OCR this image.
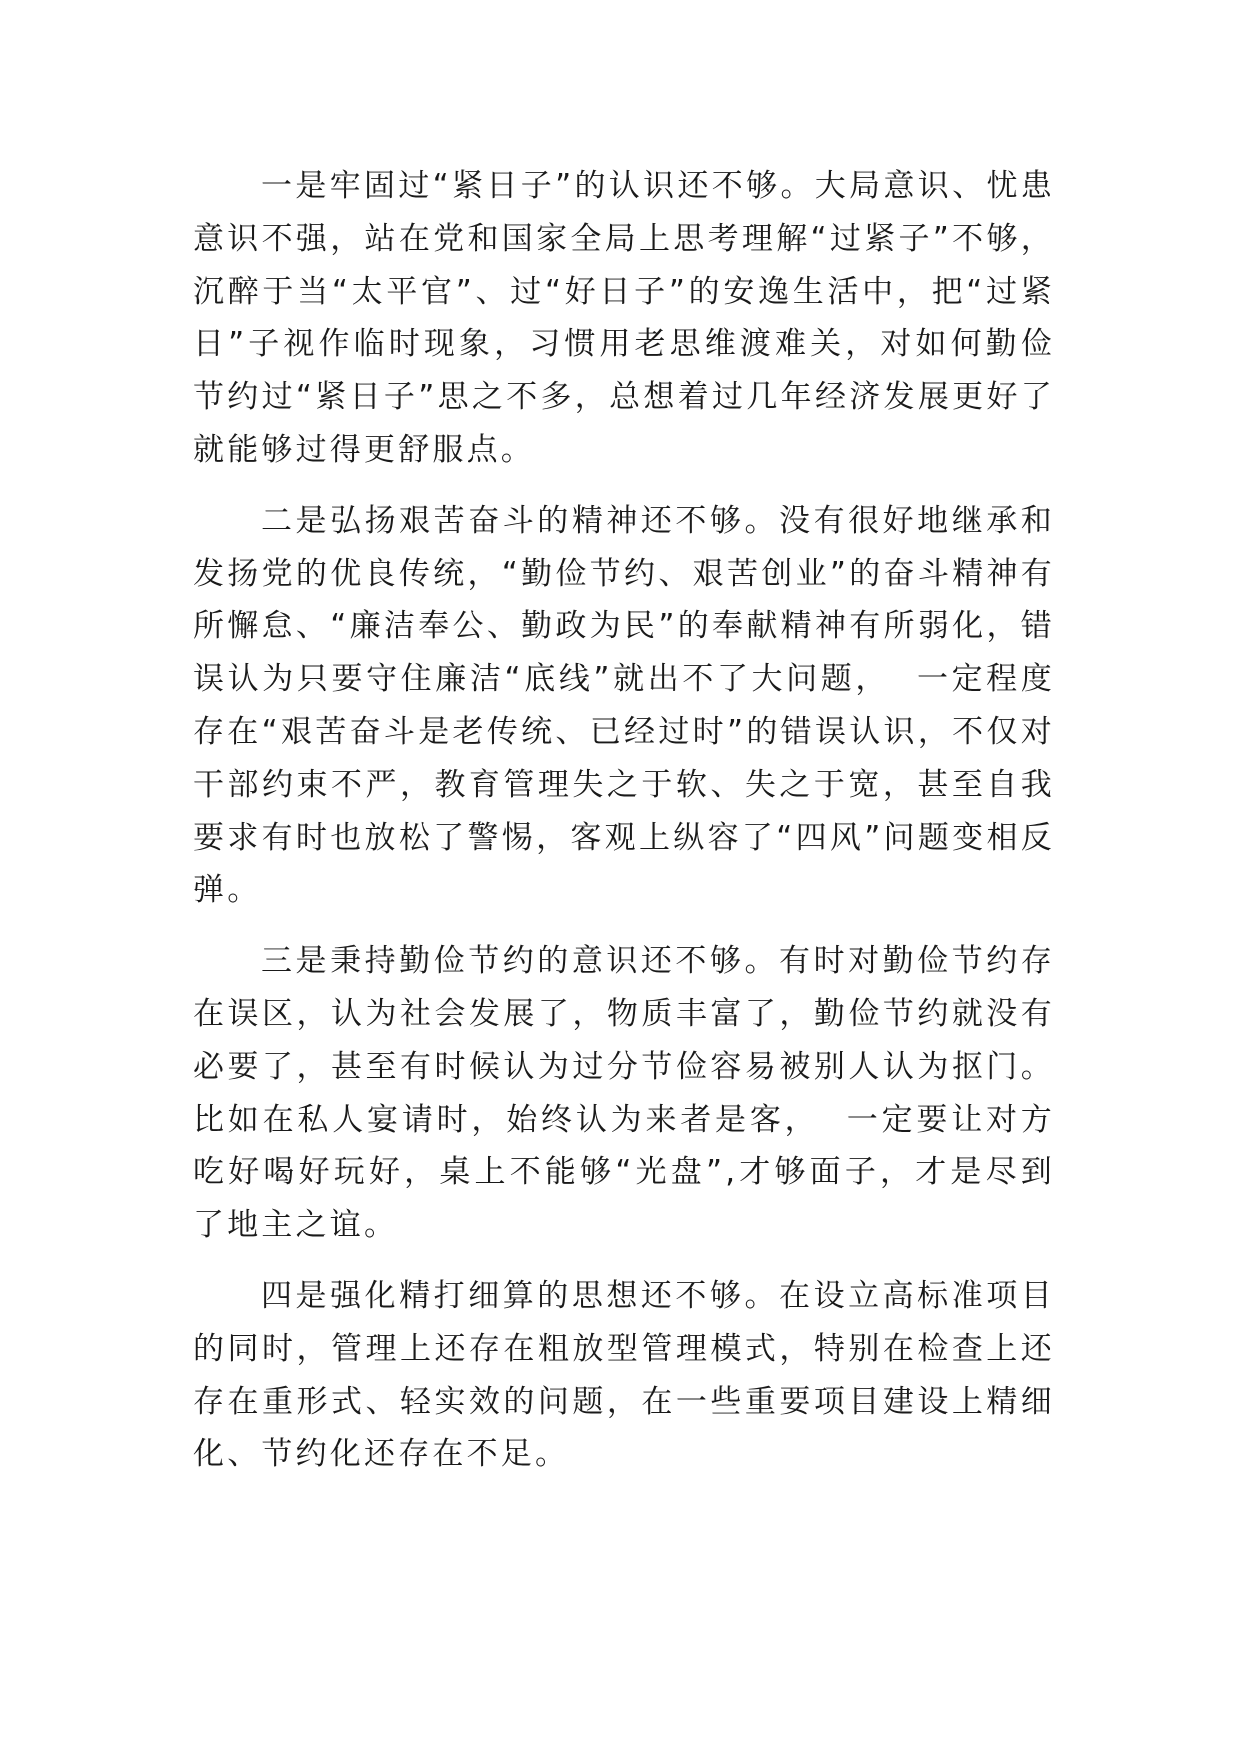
一是牢固过“紧日子”的认识还不够。大局意识、忧患意识不强，站在党和国家全局上思考理解“过紧子”不够，沉醉于当“太平官”、过“好日子”的安逸生活中，把“过紧日”子视作临时现象，习惯用老思维渡难关，对如何勤俭节约过“紧日子”思之不多，总想着过几年经济发展更好了就能够过得更舒服点。

二是弘扬艰苦奋斗的精神还不够。没有很好地继承和发扬党的优良传统，“勤俭节约、艰苦创业”的奋斗精神有所懈怠、“廉洁奉公、勤政为民”的奉献精神有所弱化，错误认为只要守住廉洁“底线”就出不了大问题，  一定程度存在“艰苦奋斗是老传统、已经过时”的错误认识，不仅对干部约束不严，教育管理失之于软、失之于宽，甚至自我要求有时也放松了警惕，客观上纵容了“四风”问题变相反弹。

三是秉持勤俭节约的意识还不够。有时对勤俭节约存在误区，认为社会发展了，物质丰富了，勤俭节约就没有必要了，甚至有时候认为过分节俭容易被别人认为抠门。比如在私人宴请时，始终认为来者是客，  一定要让对方吃好喝好玩好，桌上不能够“光盘”,才够面子，才是尽到了地主之谊。

四是强化精打细算的思想还不够。在设立高标准项目的同时，管理上还存在粗放型管理模式，特别在检查上还存在重形式、轻实效的问题，在一些重要项目建设上精细化、节约化还存在不足。
